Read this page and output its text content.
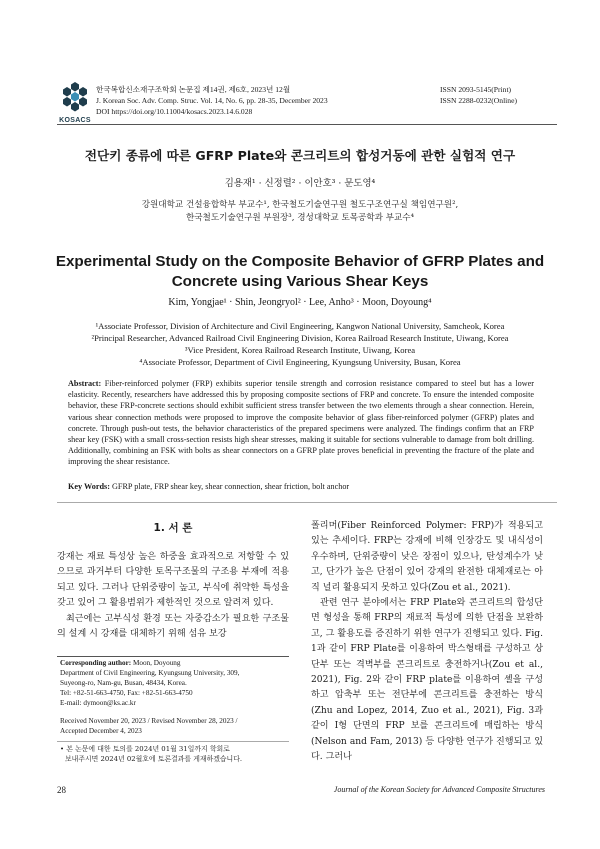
KOSACS
한국복합신소재구조학회 논문집 제14권, 제6호, 2023년 12월
J. Korean Soc. Adv. Comp. Struc. Vol. 14, No. 6, pp. 28-35, December 2023
DOI https://doi.org/10.11004/kosacs.2023.14.6.028
ISSN 2093-5145(Print)
ISSN 2288-0232(Online)
전단키 종류에 따른 GFRP Plate와 콘크리트의 합성거동에 관한 실험적 연구
김용재¹ · 신정렬² · 이안호³ · 문도영⁴
강원대학교 건설융합학부 부교수¹, 한국철도기술연구원 철도구조연구실 책임연구원²,
한국철도기술연구원 부원장³, 경성대학교 토목공학과 부교수⁴
Experimental Study on the Composite Behavior of GFRP Plates and
Concrete using Various Shear Keys
Kim, Yongjae¹ · Shin, Jeongryol² · Lee, Anho³ · Moon, Doyoung⁴
¹Associate Professor, Division of Architecture and Civil Engineering, Kangwon National University, Samcheok, Korea
²Principal Researcher, Advanced Railroad Civil Engineering Division, Korea Railroad Research Institute, Uiwang, Korea
³Vice President, Korea Railroad Research Institute, Uiwang, Korea
⁴Associate Professor, Department of Civil Engineering, Kyungsung University, Busan, Korea
Abstract: Fiber-reinforced polymer (FRP) exhibits superior tensile strength and corrosion resistance compared to steel but has a lower elasticity. Recently, researchers have addressed this by proposing composite sections of FRP and concrete. To ensure the intended composite behavior, these FRP-concrete sections should exhibit sufficient stress transfer between the two elements through a shear connection. Herein, various shear connection methods were proposed to improve the composite behavior of glass fiber-reinforced polymer (GFRP) plates and concrete. Through push-out tests, the behavior characteristics of the prepared specimens were analyzed. The findings confirm that an FRP shear key (FSK) with a small cross-section resists high shear stresses, making it suitable for sections vulnerable to damage from bolt drilling. Additionally, combining an FSK with bolts as shear connectors on a GFRP plate proves beneficial in preventing the fracture of the plate and improving the shear resistance.
Key Words: GFRP plate, FRP shear key, shear connection, shear friction, bolt anchor
1. 서 론
강재는 재료 특성상 높은 하중을 효과적으로 저항할 수 있으므로 과거부터 다양한 토목구조물의 구조용 부재에 적용되고 있다. 그러나 단위중량이 높고, 부식에 취약한 특성을 갖고 있어 그 활용범위가 제한적인 것으로 알려져 있다.
최근에는 고부식성 환경 또는 자중감소가 필요한 구조물의 설계 시 강재를 대체하기 위해 섬유 보강
Corresponding author: Moon, Doyoung
Department of Civil Engineering, Kyungsung University, 309,
Suyeong-ro, Nam-gu, Busan, 48434, Korea.
Tel: +82-51-663-4750, Fax: +82-51-663-4750
E-mail: dymoon@ks.ac.kr
Received November 20, 2023 / Revised November 28, 2023 /
Accepted December 4, 2023
• 본 논문에 대한 토의를 2024년 01월 31일까지 학회로
보내주시면 2024년 02월호에 토론결과를 게재하겠습니다.
폴리머(Fiber Reinforced Polymer: FRP)가 적용되고 있는 추세이다. FRP는 강재에 비해 인장강도 및 내식성이 우수하며, 단위중량이 낮은 장점이 있으나, 탄성계수가 낮고, 단가가 높은 단점이 있어 강재의 완전한 대체재로는 아직 널리 활용되지 못하고 있다(Zou et al., 2021).
관련 연구 분야에서는 FRP Plate와 콘크리트의 합성단면 형성을 통해 FRP의 재료적 특성에 의한 단점을 보완하고, 그 활용도를 증진하기 위한 연구가 진행되고 있다. Fig. 1과 같이 FRP Plate를 이용하여 박스형태를 구성하고 상단부 또는 격벽부를 콘크리트로 충전하거나(Zou et al., 2021), Fig. 2와 같이 FRP plate를 이용하여 셸을 구성하고 압축부 또는 전단부에 콘크리트를 충전하는 방식(Zhu and Lopez, 2014, Zuo et al., 2021), Fig. 3과 같이 I형 단면의 FRP 보를 콘크리트에 매립하는 방식(Nelson and Fam, 2013) 등 다양한 연구가 진행되고 있다. 그러나
28	Journal of the Korean Society for Advanced Composite Structures
